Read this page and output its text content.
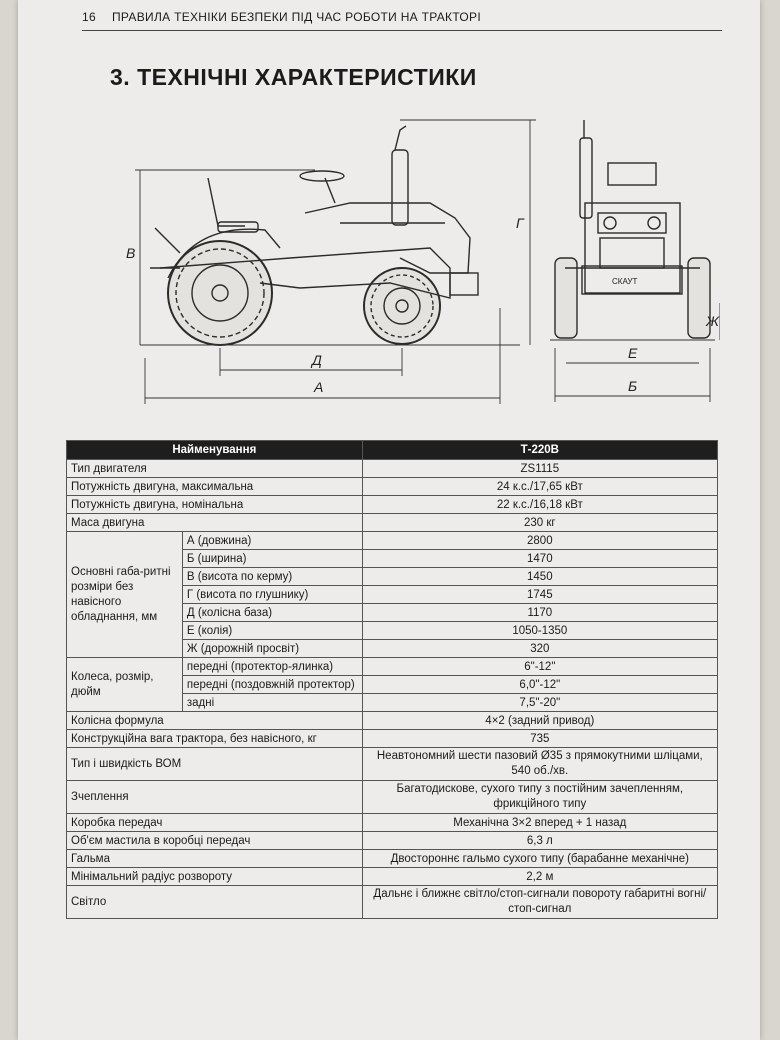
16 ПРАВИЛА ТЕХНІКИ БЕЗПЕКИ ПІД ЧАС РОБОТИ НА ТРАКТОРІ
3. ТЕХНІЧНІ ХАРАКТЕРИСТИКИ
А
Д
В
Г
Е
Б
Ж
СКАУТ
Найменування		Т-220В
Тип двигателя		ZS1115
Потужність двигуна, максимальна		24 к.с./17,65 кВт
Потужність двигуна, номінальна		22 к.с./16,18 кВт
Маса двигуна		230 кг
Основні габа-ритні розміри без навісного обладнання, мм	А (довжина)	2800
	Б (ширина)	1470
	В (висота по керму)	1450
	Г (висота по глушнику)	1745
	Д (колісна база)	1170
	Е (колія)	1050-1350
	Ж (дорожній просвіт)	320
Колеса, розмір, дюйм	передні (протектор-ялинка)	6"-12"
	передні (поздовжній протектор)	6,0"-12"
	задні	7,5"-20"
Колісна формула		4×2 (задний привод)
Конструкційна вага трактора, без навісного, кг		735
Тип і швидкість ВОМ		Неавтономний шести пазовий Ø35 з прямокутними шліцами, 540 об./хв.
Зчеплення		Багатодискове, сухого типу з постійним зачепленням, фрикційного типу
Коробка передач		Механічна 3×2 вперед + 1 назад
Об'єм мастила в коробці передач		6,3 л
Гальма		Двостороннє гальмо сухого типу (барабанне механічне)
Мінімальний радіус розвороту		2,2 м
Світло		Дальнє і ближнє світло/стоп-сигнали повороту габаритні вогні/стоп-сигнал
